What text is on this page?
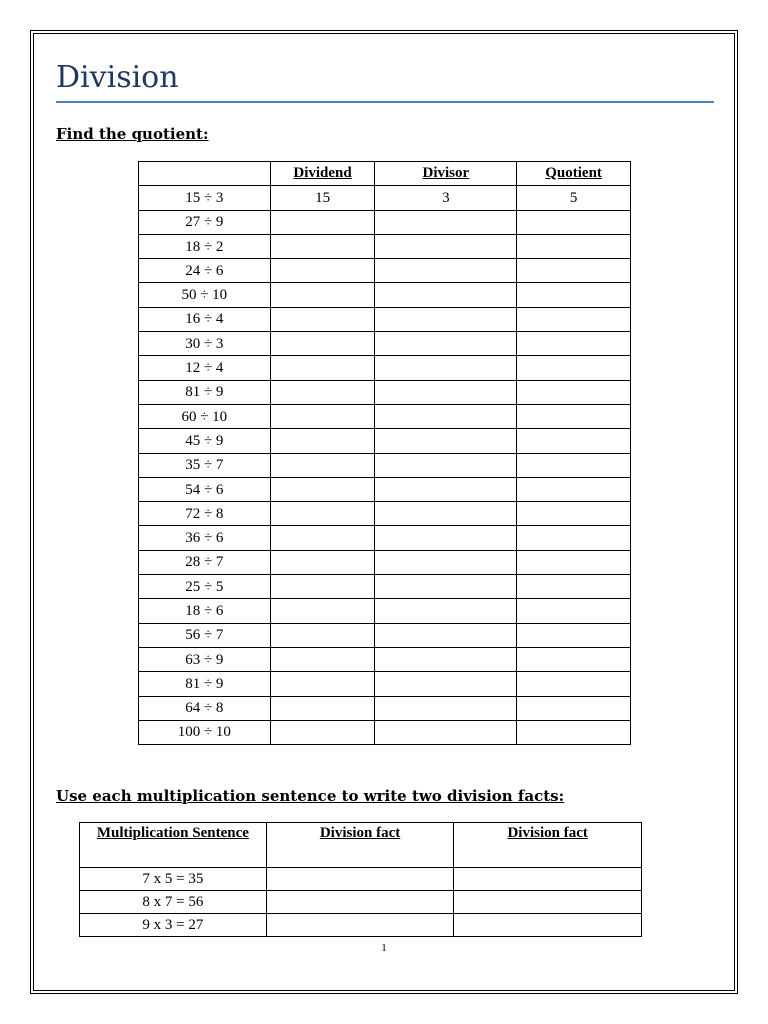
Division

Find the quotient:

	Dividend	Divisor	Quotient
15 ÷ 3	15	3	5
27 ÷ 9			
18 ÷ 2			
24 ÷ 6			
50 ÷ 10			
16 ÷ 4			
30 ÷ 3			
12 ÷ 4			
81 ÷ 9			
60 ÷ 10			
45 ÷ 9			
35 ÷ 7			
54 ÷ 6			
72 ÷ 8			
36 ÷ 6			
28 ÷ 7			
25 ÷ 5			
18 ÷ 6			
56 ÷ 7			
63 ÷ 9			
81 ÷ 9			
64 ÷ 8			
100 ÷ 10			

Use each multiplication sentence to write two division facts:

Multiplication Sentence	Division fact	Division fact
7 x 5 = 35		
8 x 7 = 56		
9 x 3 = 27		
1
